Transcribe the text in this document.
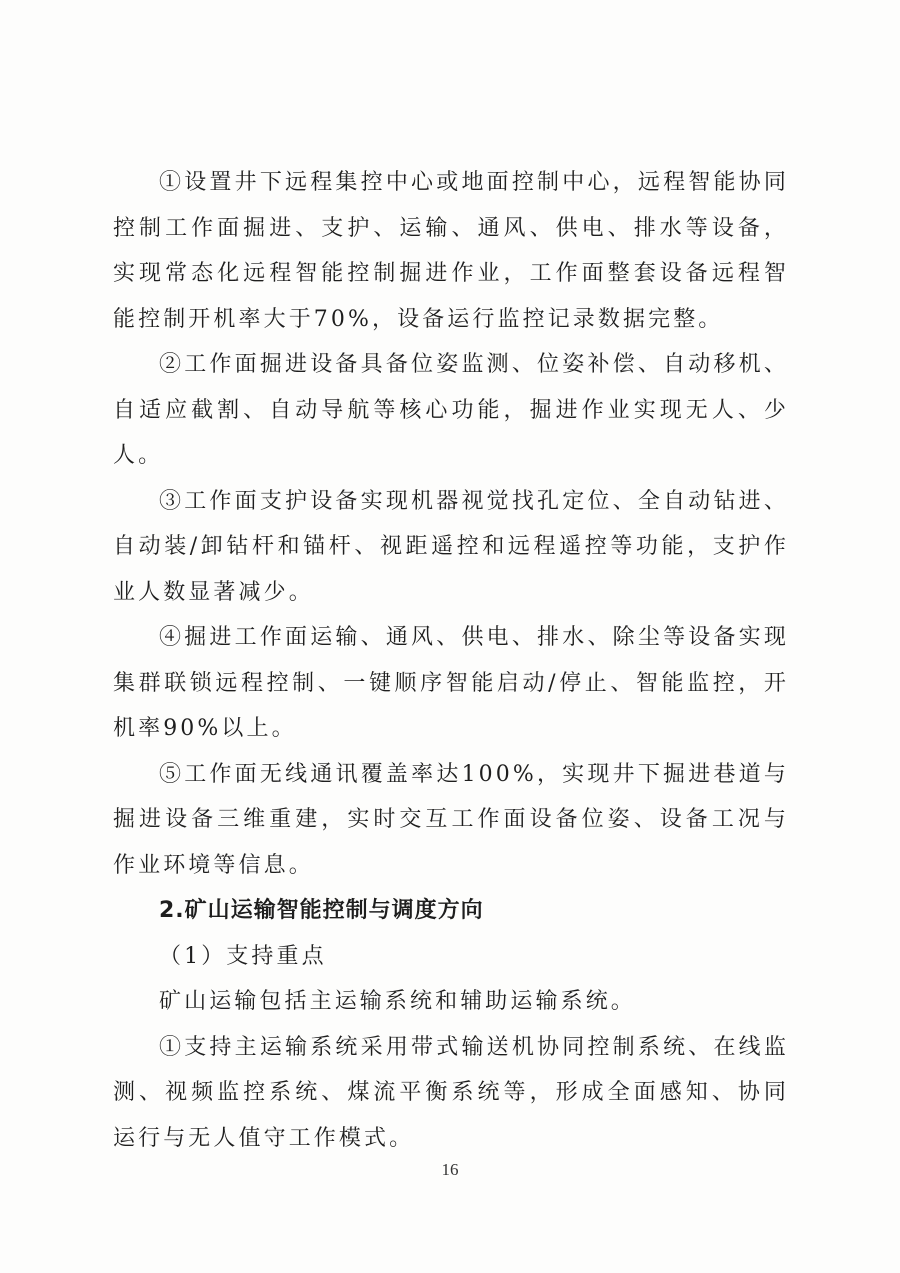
①设置井下远程集控中心或地面控制中心，远程智能协同控制工作面掘进、支护、运输、通风、供电、排水等设备，实现常态化远程智能控制掘进作业，工作面整套设备远程智能控制开机率大于70%，设备运行监控记录数据完整。

②工作面掘进设备具备位姿监测、位姿补偿、自动移机、自适应截割、自动导航等核心功能，掘进作业实现无人、少人。

③工作面支护设备实现机器视觉找孔定位、全自动钻进、自动装/卸钻杆和锚杆、视距遥控和远程遥控等功能，支护作业人数显著减少。

④掘进工作面运输、通风、供电、排水、除尘等设备实现集群联锁远程控制、一键顺序智能启动/停止、智能监控，开机率90%以上。

⑤工作面无线通讯覆盖率达100%，实现井下掘进巷道与掘进设备三维重建，实时交互工作面设备位姿、设备工况与作业环境等信息。

2.矿山运输智能控制与调度方向

（1）支持重点

矿山运输包括主运输系统和辅助运输系统。

①支持主运输系统采用带式输送机协同控制系统、在线监测、视频监控系统、煤流平衡系统等，形成全面感知、协同运行与无人值守工作模式。

16
